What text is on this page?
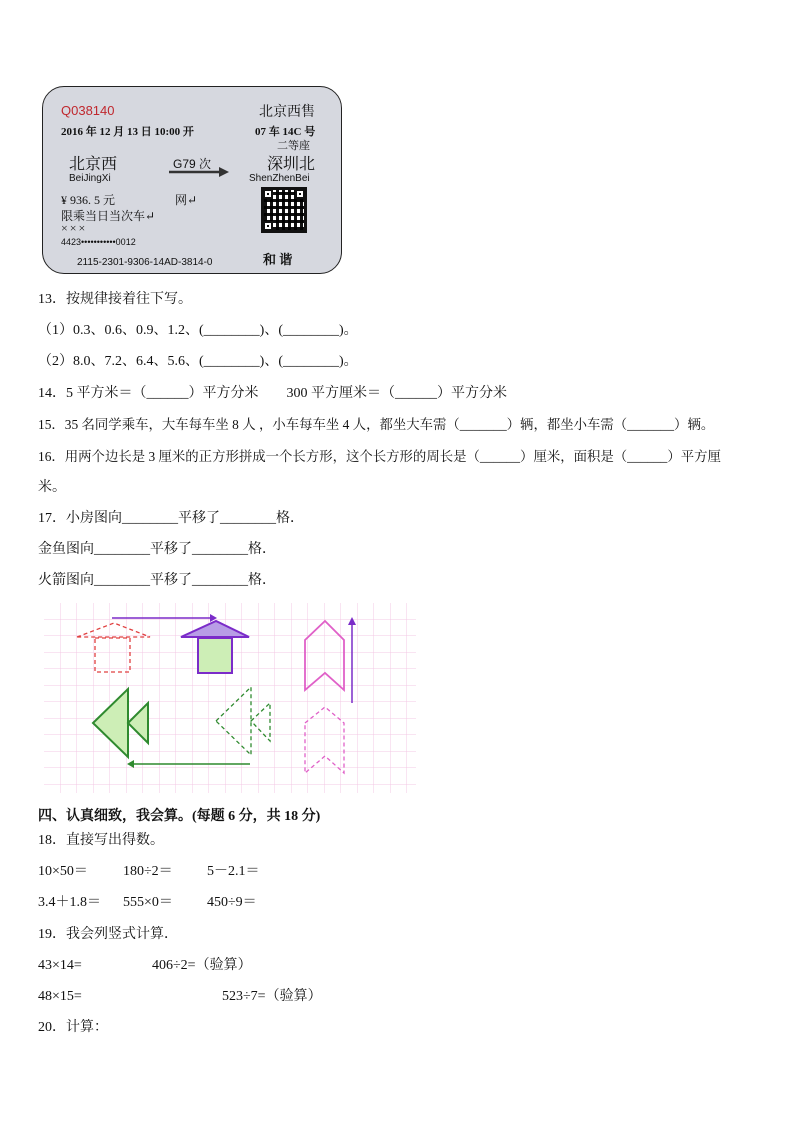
Q038140	北京西售
2016 年 12 月 13 日 10:00 开	07 车 14C 号
二等座
北京西	G79 次	深圳北
BeiJingXi	ShenZhenBei
¥ 936. 5 元	网↵
限乘当日当次车↵
×××
4423•••••••••••0012
2115-2301-9306-14AD-3814-0	和 谐
13．按规律接着往下写。
（1）0.3、0.6、0.9、1.2、(________)、(________)。
（2）8.0、7.2、6.4、5.6、(________)、(________)。
14．5 平方米＝（______）平方分米　　300 平方厘米＝（______）平方分米
15．35 名同学乘车，大车每车坐 8 人 ，小车每车坐 4 人，都坐大车需（_______）辆，都坐小车需（_______）辆。
16．用两个边长是 3 厘米的正方形拼成一个长方形，这个长方形的周长是（______）厘米，面积是（______）平方厘
米。
17．小房图向________平移了________格．
金鱼图向________平移了________格．
火箭图向________平移了________格．
四、认真细致，我会算。(每题 6 分，共 18 分)
18．直接写出得数。
10×50＝	180÷2＝ 5－2.1＝
3.4＋1.8＝ 555×0＝ 450÷9＝
19．我会列竖式计算．
43×14=	406÷2=（验算）
48×15=	523÷7=（验算）
20．计算：
